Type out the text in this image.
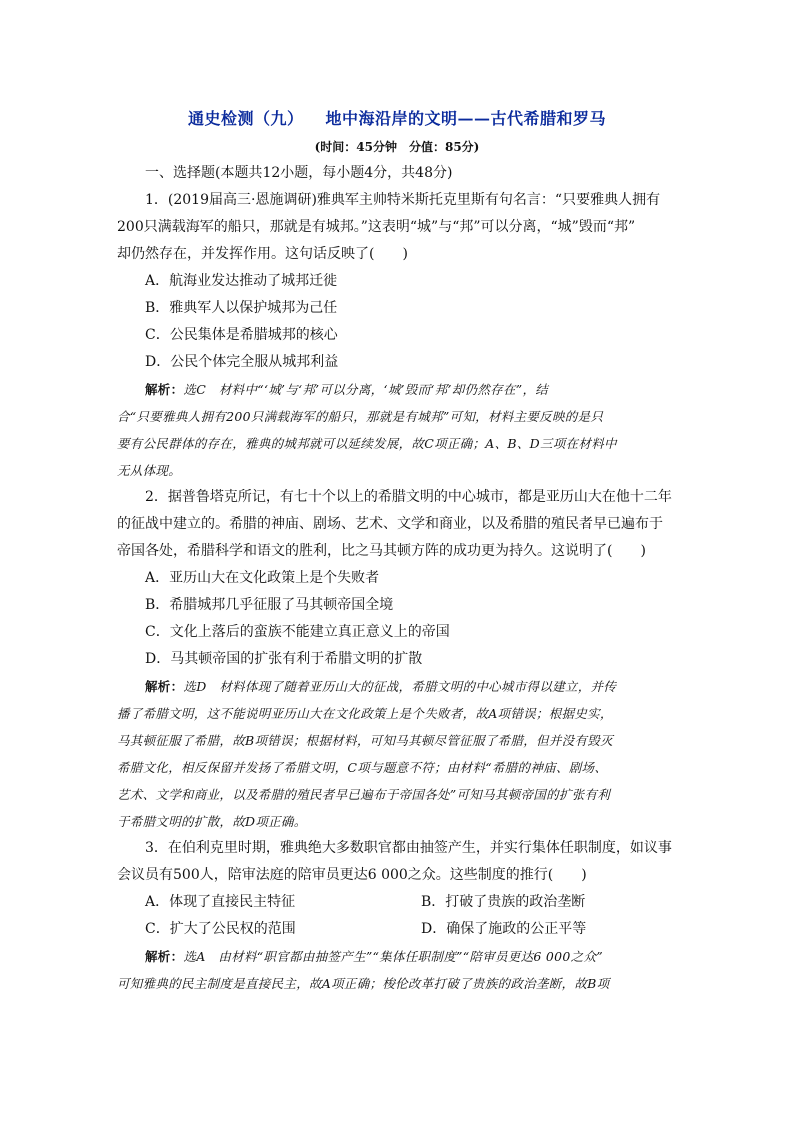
通史检测（九） 地中海沿岸的文明——古代希腊和罗马
(时间：45分钟　分值：85分)
一、选择题(本题共12小题，每小题4分，共48分)
1．(2019届高三·恩施调研)雅典军主帅特米斯托克里斯有句名言：“只要雅典人拥有
200只满载海军的船只，那就是有城邦。”这表明“城”与“邦”可以分离，“城”毁而“邦”
却仍然存在，并发挥作用。这句话反映了(　　)
A．航海业发达推动了城邦迁徙
B．雅典军人以保护城邦为己任
C．公民集体是希腊城邦的核心
D．公民个体完全服从城邦利益
解析：选C　材料中“‘城’与‘邦’可以分离，‘城’毁而‘邦’却仍然存在”，结
合“只要雅典人拥有200只满载海军的船只，那就是有城邦”可知，材料主要反映的是只
要有公民群体的存在，雅典的城邦就可以延续发展，故C项正确；A、B、D三项在材料中
无从体现。
2．据普鲁塔克所记，有七十个以上的希腊文明的中心城市，都是亚历山大在他十二年
的征战中建立的。希腊的神庙、剧场、艺术、文学和商业，以及希腊的殖民者早已遍布于
帝国各处，希腊科学和语文的胜利，比之马其顿方阵的成功更为持久。这说明了(　　)
A．亚历山大在文化政策上是个失败者
B．希腊城邦几乎征服了马其顿帝国全境
C．文化上落后的蛮族不能建立真正意义上的帝国
D．马其顿帝国的扩张有利于希腊文明的扩散
解析：选D　材料体现了随着亚历山大的征战，希腊文明的中心城市得以建立，并传
播了希腊文明，这不能说明亚历山大在文化政策上是个失败者，故A项错误；根据史实，
马其顿征服了希腊，故B项错误；根据材料，可知马其顿尽管征服了希腊，但并没有毁灭
希腊文化，相反保留并发扬了希腊文明，C项与题意不符；由材料“希腊的神庙、剧场、
艺术、文学和商业，以及希腊的殖民者早已遍布于帝国各处”可知马其顿帝国的扩张有利
于希腊文明的扩散，故D项正确。
3．在伯利克里时期，雅典绝大多数职官都由抽签产生，并实行集体任职制度，如议事
会议员有500人，陪审法庭的陪审员更达6 000之众。这些制度的推行(　　)
A．体现了直接民主特征	B．打破了贵族的政治垄断
C．扩大了公民权的范围	D．确保了施政的公正平等
解析：选A　由材料“职官都由抽签产生”“集体任职制度”“陪审员更达6 000之众”
可知雅典的民主制度是直接民主，故A项正确；梭伦改革打破了贵族的政治垄断，故B项
